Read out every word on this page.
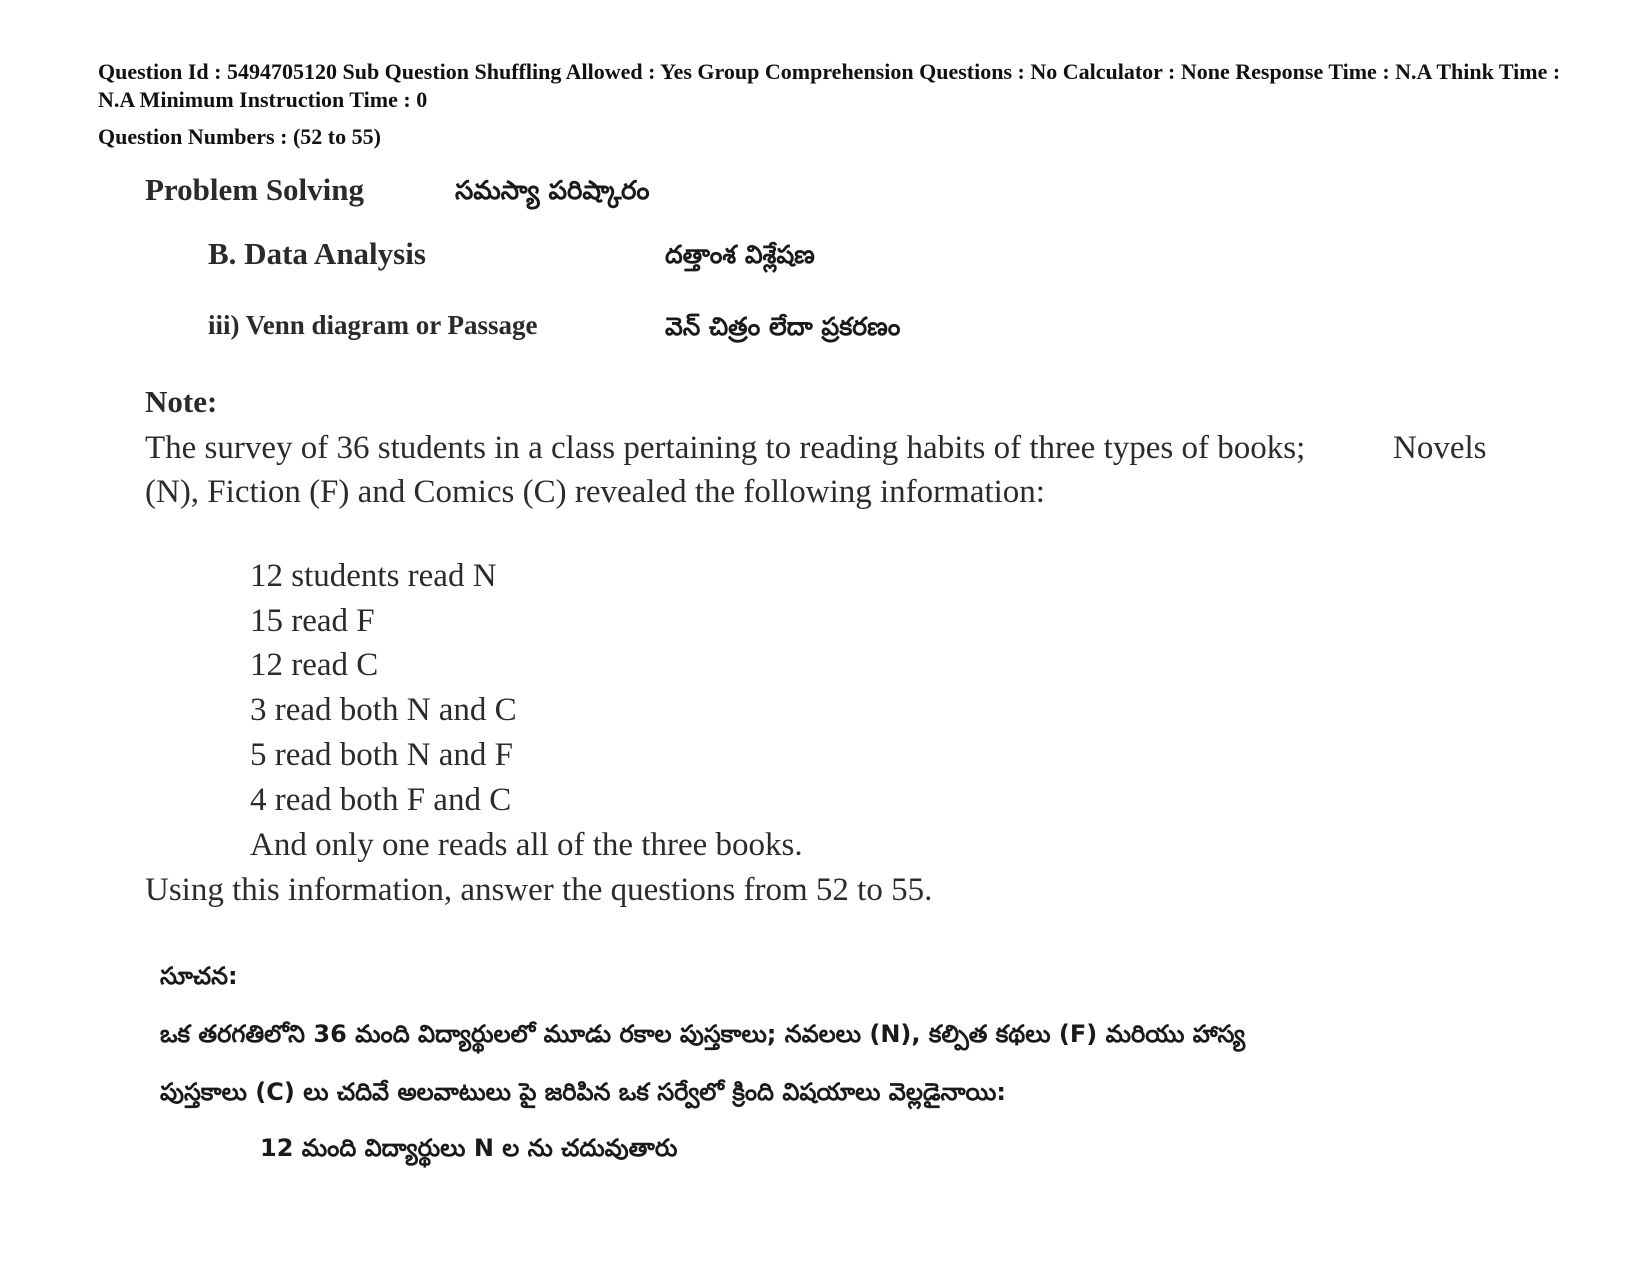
Question Id : 5494705120 Sub Question Shuffling Allowed : Yes Group Comprehension Questions : No Calculator : None Response Time : N.A Think Time : N.A Minimum Instruction Time : 0
Question Numbers : (52 to 55)
Problem Solving	సమస్యా పరిష్కారం
B. Data Analysis	దత్తాంశ విశ్లేషణ
iii) Venn diagram or Passage	వెన్ చిత్రం లేదా ప్రకరణం
Note:
The survey of 36 students in a class pertaining to reading habits of three types of books;	Novels
(N), Fiction (F) and Comics (C) revealed the following information:
12 students read N
15 read F
12 read C
3 read both N and C
5 read both N and F
4 read both F and C
And only one reads all of the three books.
Using this information, answer the questions from 52 to 55.
సూచన:
ఒక తరగతిలోని 36 మంది విద్యార్థులలో మూడు రకాల పుస్తకాలు; నవలలు (N), కల్పిత కథలు (F) మరియు హాస్య
పుస్తకాలు (C) లు చదివే అలవాటులు పై జరిపిన ఒక సర్వేలో క్రింది విషయాలు వెల్లడైనాయి:
12 మంది విద్యార్థులు N ల ను చదువుతారు
